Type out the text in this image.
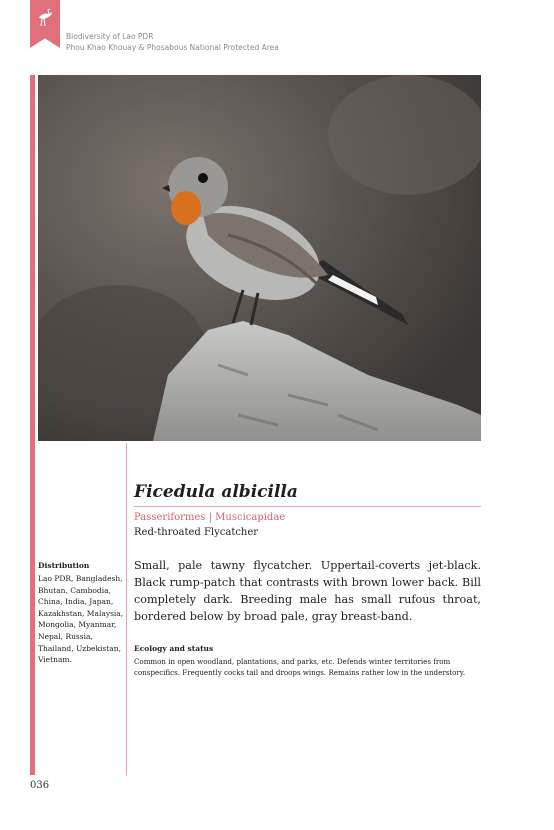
Biodiversity of Lao PDR
Phou Khao Khouay & Phosabous National Protected Area
Ficedula albicilla
Passeriformes | Muscicapidae
Red-throated Flycatcher
Small, pale tawny flycatcher. Uppertail-coverts jet-black. Black rump-patch that contrasts with brown lower back. Bill completely dark. Breeding male has small rufous throat, bordered below by broad pale, gray breast-band.
Ecology and status
Common in open woodland, plantations, and parks, etc. Defends winter territories from conspecifics. Frequently cocks tail and droops wings. Remains rather low in the understory.
Distribution
Lao PDR, Bangladesh, Bhutan, Cambodia, China, India, Japan, Kazakhstan, Malaysia, Mongolia, Myanmar, Nepal, Russia, Thailand, Uzbekistan, Vietnam.
036
